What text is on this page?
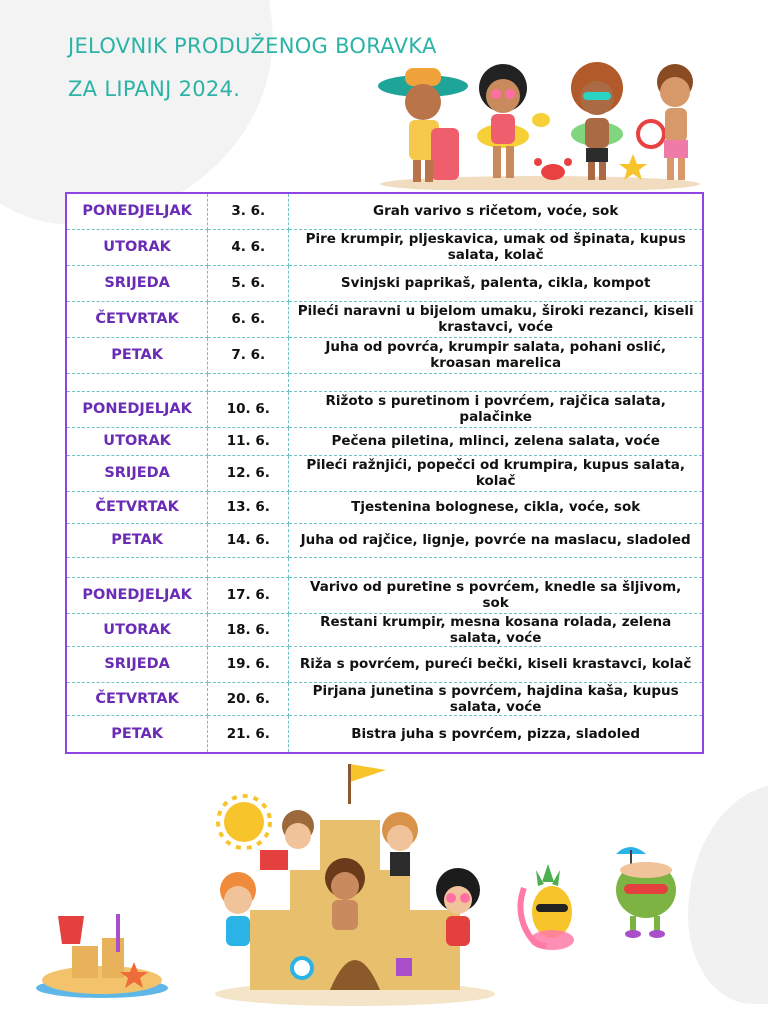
JELOVNIK PRODUŽENOG BORAVKA
ZA LIPANJ 2024.
PONEDJELJAK	3. 6.	Grah varivo s ričetom, voće, sok
UTORAK	4. 6.	Pire krumpir, pljeskavica, umak od špinata, kupus salata, kolač
SRIJEDA	5. 6.	Svinjski paprikaš, palenta, cikla, kompot
ČETVRTAK	6. 6.	Pileći naravni u bijelom umaku, široki rezanci, kiseli krastavci, voće
PETAK	7. 6.	Juha od povrća, krumpir salata, pohani oslić, kroasan marelica

PONEDJELJAK	10. 6.	Rižoto s puretinom i povrćem, rajčica salata, palačinke
UTORAK	11. 6.	Pečena piletina, mlinci, zelena salata, voće
SRIJEDA	12. 6.	Pileći ražnjići, popečci od krumpira, kupus salata, kolač
ČETVRTAK	13. 6.	Tjestenina bolognese, cikla, voće, sok
PETAK	14. 6.	Juha od rajčice, lignje, povrće na maslacu, sladoled

PONEDJELJAK	17. 6.	Varivo od puretine s povrćem, knedle sa šljivom, sok
UTORAK	18. 6.	Restani krumpir, mesna kosana rolada, zelena salata, voće
SRIJEDA	19. 6.	Riža s povrćem, pureći bečki, kiseli krastavci, kolač
ČETVRTAK	20. 6.	Pirjana junetina s povrćem, hajdina kaša, kupus salata, voće
PETAK	21. 6.	Bistra juha s povrćem, pizza, sladoled
